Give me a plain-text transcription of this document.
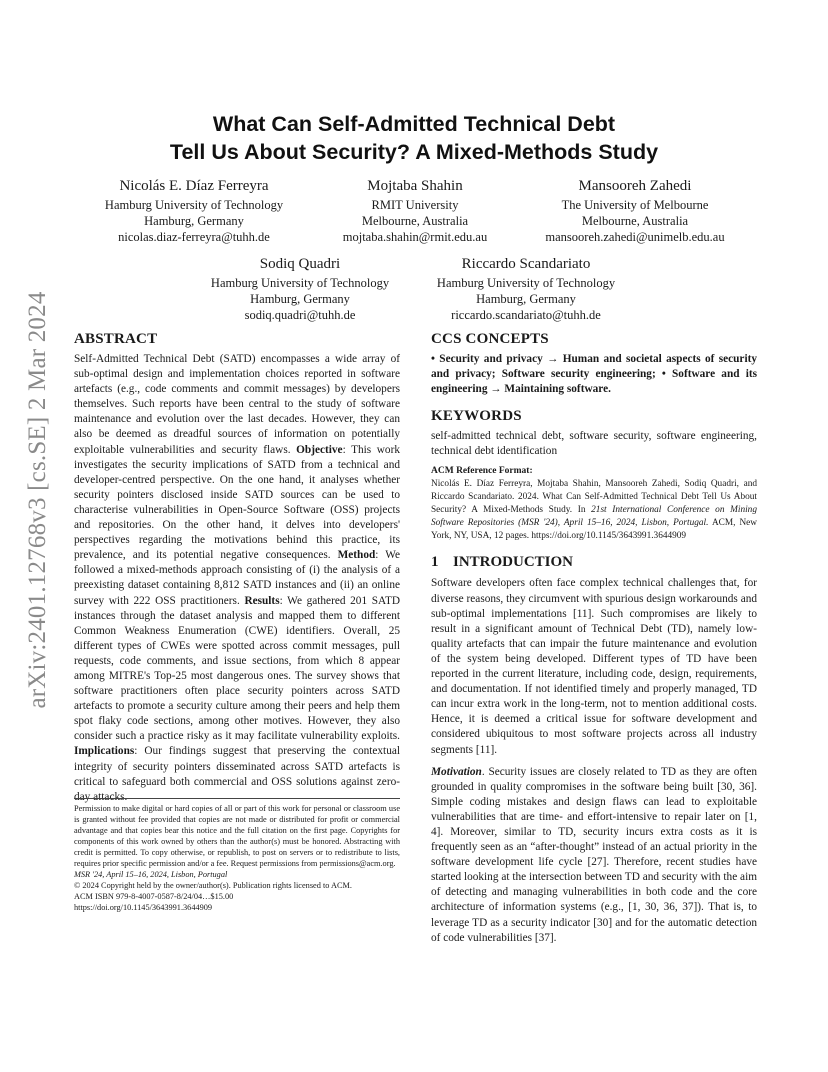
arXiv:2401.12768v3 [cs.SE] 2 Mar 2024
What Can Self-Admitted Technical Debt
Tell Us About Security? A Mixed-Methods Study
Nicolás E. Díaz Ferreyra
Hamburg University of Technology
Hamburg, Germany
nicolas.diaz-ferreyra@tuhh.de
Mojtaba Shahin
RMIT University
Melbourne, Australia
mojtaba.shahin@rmit.edu.au
Mansooreh Zahedi
The University of Melbourne
Melbourne, Australia
mansooreh.zahedi@unimelb.edu.au
Sodiq Quadri
Hamburg University of Technology
Hamburg, Germany
sodiq.quadri@tuhh.de
Riccardo Scandariato
Hamburg University of Technology
Hamburg, Germany
riccardo.scandariato@tuhh.de
ABSTRACT

Self-Admitted Technical Debt (SATD) encompasses a wide array of sub-optimal design and implementation choices reported in software artefacts (e.g., code comments and commit messages) by developers themselves. Such reports have been central to the study of software maintenance and evolution over the last decades. However, they can also be deemed as dreadful sources of information on potentially exploitable vulnerabilities and security flaws. Objective: This work investigates the security implications of SATD from a technical and developer-centred perspective. On the one hand, it analyses whether security pointers disclosed inside SATD sources can be used to characterise vulnerabilities in Open-Source Software (OSS) projects and repositories. On the other hand, it delves into developers' perspectives regarding the motivations behind this practice, its prevalence, and its potential negative consequences. Method: We followed a mixed-methods approach consisting of (i) the analysis of a preexisting dataset containing 8,812 SATD instances and (ii) an online survey with 222 OSS practitioners. Results: We gathered 201 SATD instances through the dataset analysis and mapped them to different Common Weakness Enumeration (CWE) identifiers. Overall, 25 different types of CWEs were spotted across commit messages, pull requests, code comments, and issue sections, from which 8 appear among MITRE's Top-25 most dangerous ones. The survey shows that software practitioners often place security pointers across SATD artefacts to promote a security culture among their peers and help them spot flaky code sections, among other motives. However, they also consider such a practice risky as it may facilitate vulnerability exploits. Implications: Our findings suggest that preserving the contextual integrity of security pointers disseminated across SATD artefacts is critical to safeguard both commercial and OSS solutions against zero-day attacks.

Permission to make digital or hard copies of all or part of this work for personal or classroom use is granted without fee provided that copies are not made or distributed for profit or commercial advantage and that copies bear this notice and the full citation on the first page. Copyrights for components of this work owned by others than the author(s) must be honored. Abstracting with credit is permitted. To copy otherwise, or republish, to post on servers or to redistribute to lists, requires prior specific permission and/or a fee. Request permissions from permissions@acm.org.
MSR '24, April 15–16, 2024, Lisbon, Portugal
© 2024 Copyright held by the owner/author(s). Publication rights licensed to ACM.
ACM ISBN 979-8-4007-0587-8/24/04…$15.00
https://doi.org/10.1145/3643991.3644909
CCS CONCEPTS

• Security and privacy → Human and societal aspects of security and privacy; Software security engineering; • Software and its engineering → Maintaining software.

KEYWORDS

self-admitted technical debt, software security, software engineering, technical debt identification

ACM Reference Format:

Nicolás E. Díaz Ferreyra, Mojtaba Shahin, Mansooreh Zahedi, Sodiq Quadri, and Riccardo Scandariato. 2024. What Can Self-Admitted Technical Debt Tell Us About Security? A Mixed-Methods Study. In 21st International Conference on Mining Software Repositories (MSR '24), April 15–16, 2024, Lisbon, Portugal. ACM, New York, NY, USA, 12 pages. https://doi.org/10.1145/3643991.3644909

1 INTRODUCTION

Software developers often face complex technical challenges that, for diverse reasons, they circumvent with spurious design workarounds and sub-optimal implementations [11]. Such compromises are likely to result in a significant amount of Technical Debt (TD), namely low-quality artefacts that can impair the future maintenance and evolution of the system being developed. Different types of TD have been reported in the current literature, including code, design, requirements, and documentation. If not identified timely and properly managed, TD can incur extra work in the long-term, not to mention additional costs. Hence, it is deemed a critical issue for software development and considered ubiquitous to most software projects across all industry segments [11].

Motivation. Security issues are closely related to TD as they are often grounded in quality compromises in the software being built [30, 36]. Simple coding mistakes and design flaws can lead to exploitable vulnerabilities that are time- and effort-intensive to repair later on [1, 4]. Moreover, similar to TD, security incurs extra costs as it is frequently seen as an “after-thought” instead of an actual priority in the software development life cycle [27]. Therefore, recent studies have started looking at the intersection between TD and security with the aim of detecting and managing vulnerabilities in both code and the core architecture of information systems (e.g., [1, 30, 36, 37]). That is, to leverage TD as a security indicator [30] and for the automatic detection of code vulnerabilities [37].
